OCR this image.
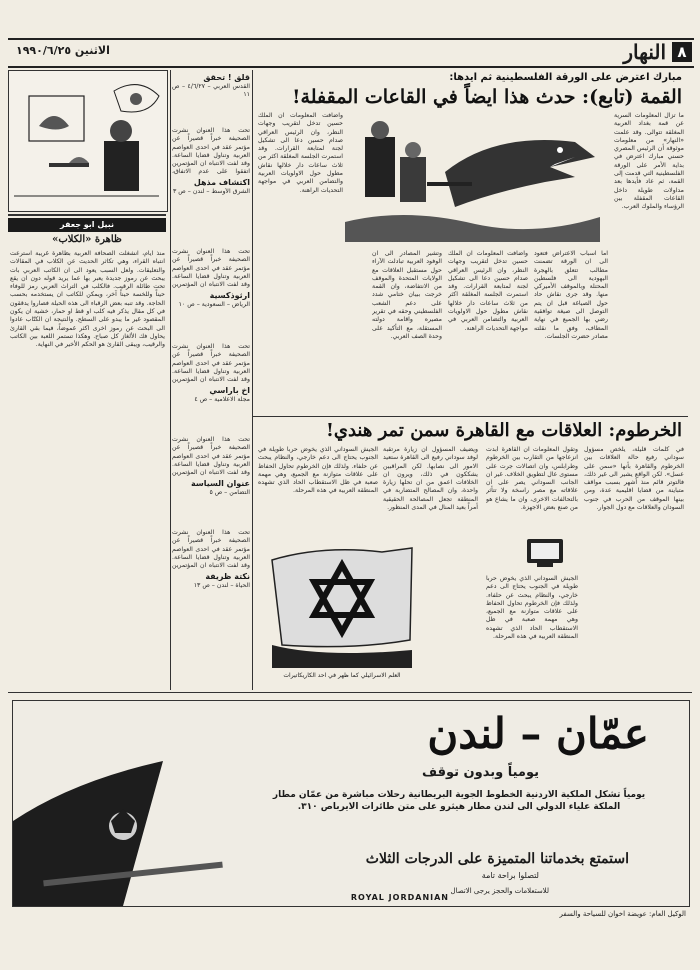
٨
النهار
الاثنين ١٩٩٠/٦/٢٥
مبارك اعترض على الورقة الفلسطينية ثم ايدها:
القمة (تابع): حدث هذا ايضاً في القاعات المقفلة!
ما تزال المعلومات السرية عن قمة بغداد العربية المغلقة تتوالى. وقد علمت «النهار» من معلومات موثوقة أن الرئيس المصري حسني مبارك اعترض في بداية الأمر على الورقة الفلسطينية التي قدمت إلى القمة، ثم عاد فأيدها بعد مداولات طويلة داخل القاعات المقفلة بين الرؤساء والملوك العرب.
اما اسباب الاعتراض فتعود الى ان الورقة تضمنت مطالب تتعلق بالهجرة اليهودية الى فلسطين المحتلة وبالموقف الأميركي منها. وقد جرى نقاش حاد حول الصياغة قبل ان يتم التوصل الى صيغة توافقية رضي بها الجميع في نهاية المطاف، وفق ما نقلته مصادر حضرت الجلسات.
واضافت المعلومات ان الملك حسين تدخل لتقريب وجهات النظر، وان الرئيس العراقي صدام حسين دعا الى تشكيل لجنة لمتابعة القرارات. وقد استمرت الجلسة المغلقة اكثر من ثلاث ساعات دار خلالها نقاش مطول حول الاولويات العربية والتضامن العربي في مواجهة التحديات الراهنة.
وتشير المصادر الى ان الوفود العربية تبادلت الآراء حول مستقبل العلاقات مع الولايات المتحدة والموقف من الانتفاضة، وان القمة خرجت ببيان ختامي شدد على دعم الشعب الفلسطيني وحقه في تقرير مصيره واقامة دولته المستقلة، مع التأكيد على وحدة الصف العربي.
واضافت المعلومات ان الملك حسين تدخل لتقريب وجهات النظر، وان الرئيس العراقي صدام حسين دعا الى تشكيل لجنة لمتابعة القرارات. وقد استمرت الجلسة المغلقة اكثر من ثلاث ساعات دار خلالها نقاش مطول حول الاولويات العربية والتضامن العربي في مواجهة التحديات الراهنة.
الخرطوم: العلاقات مع القاهرة سمن تمر هندي!
في كلمات قليلة، يلخص مسؤول سوداني رفيع حالة العلاقات بين الخرطوم والقاهرة بأنها «سمن على عسل». لكن الواقع يشير الى غير ذلك، فالتوتر قائم منذ أشهر بسبب مواقف متباينة من قضايا اقليمية عدة، ومن بينها الموقف من الحرب في جنوب السودان والعلاقات مع دول الجوار.
وتقول المعلومات ان القاهرة أبدت انزعاجها من التقارب بين الخرطوم وطرابلس، وان اتصالات جرت على مستوى عال لتطويق الخلاف. غير ان الجانب السوداني يصر على ان علاقاته مع مصر راسخة ولا تتأثر بالتحالفات الاخرى، وان ما يشاع هو من صنع بعض الاجهزة.
الجيش السوداني الذي يخوض حرباً طويلة في الجنوب يحتاج الى دعم خارجي، والنظام يبحث عن حلفاء. ولذلك فإن الخرطوم تحاول الحفاظ على علاقات متوازنة مع الجميع، وهي مهمة صعبة في ظل الاستقطاب الحاد الذي تشهده المنطقة العربية في هذه المرحلة.
ويضيف المسؤول ان زيارة مرتقبة لوفد سوداني رفيع الى القاهرة ستعيد الامور الى نصابها. لكن المراقبين يشككون في ذلك، ويرون ان الخلافات اعمق من ان تحلها زيارة واحدة، وان المصالح المتضاربة في المنطقة تجعل المصالحة الحقيقية أمراً بعيد المنال في المدى المنظور.
الجيش السوداني الذي يخوض حرباً طويلة في الجنوب يحتاج الى دعم خارجي، والنظام يبحث عن حلفاء. ولذلك فإن الخرطوم تحاول الحفاظ على علاقات متوازنة مع الجميع، وهي مهمة صعبة في ظل الاستقطاب الحاد الذي تشهده المنطقة العربية في هذه المرحلة.
العلم الاسرائيلي كما ظهر في احد الكاريكاتيرات
قلق ! تحقق
القدس العربي – ٤/٦/٢٧ – ص ١١
تحت هذا العنوان نشرت الصحيفة خبراً قصيراً عن مؤتمر عقد في احدى العواصم العربية وتناول قضايا الساعة. وقد لفت الانتباه ان المؤتمرين اتفقوا على عدم الاتفاق،
اكتشاف مذهل
الشرق الأوسط – لندن – ص ٣
تحت هذا العنوان نشرت الصحيفة خبراً قصيراً عن مؤتمر عقد في احدى العواصم العربية وتناول قضايا الساعة. وقد لفت الانتباه ان المؤتمرين
ارثوذكسية
الرياض – السعودية – ص ١٠
تحت هذا العنوان نشرت الصحيفة خبراً قصيراً عن مؤتمر عقد في احدى العواصم العربية وتناول قضايا الساعة. وقد لفت الانتباه ان المؤتمرين
اخ باراسي
مجلة الاعلامية – ص ٤
تحت هذا العنوان نشرت الصحيفة خبراً قصيراً عن مؤتمر عقد في احدى العواصم العربية وتناول قضايا الساعة. وقد لفت الانتباه ان المؤتمرين
عنوان السياسة
التضامن – ص ٥
تحت هذا العنوان نشرت الصحيفة خبراً قصيراً عن مؤتمر عقد في احدى العواصم العربية وتناول قضايا الساعة. وقد لفت الانتباه ان المؤتمرين
نكتة ظريفة
الحياة – لندن – ص ١٣
نبيل ابو جعفر
ظاهرة «الكلاب»
منذ ايام، انشغلت الصحافة العربية بظاهرة غريبة استرعت انتباه القراء، وهي تكاثر الحديث عن الكلاب في المقالات والتعليقات. ولعل السبب يعود الى ان الكاتب العربي بات يبحث عن رموز جديدة يعبر بها عما يريد قوله دون ان يقع تحت طائلة الرقيب. فالكلب في التراث العربي رمز للوفاء حيناً وللخسة حيناً آخر، ويمكن للكاتب ان يستخدمه بحسب الحاجة. وقد تنبه بعض الرقباء الى هذه الحيلة فصاروا يدققون في كل مقال يذكر فيه كلب او قط او حمار، خشية ان يكون المقصود غير ما يبدو على السطح. والنتيجة ان الكتّاب عادوا الى البحث عن رموز اخرى اكثر غموضاً، فيما بقي القارئ يحاول فك الألغاز كل صباح. وهكذا تستمر اللعبة بين الكاتب والرقيب، ويبقى القارئ هو الحكم الأخير في النهاية.
عمّان – لندن
يومياً وبدون توقف
يومياً تشكل الملكية الاردنية الخطوط الجوية البريطانية رحلات مباشرة من عمّان مطار الملكة علياء الدولي الى لندن مطار هيثرو على متن طائرات الايرباص ٣١٠.
استمتع بخدماتنا المتميزة على الدرجات الثلاث
لتصلوا براحة تامة
للاستعلامات والحجز يرجى الاتصال
ROYAL JORDANIAN
الوكيل العام: عويضة اخوان للسياحة والسفر
